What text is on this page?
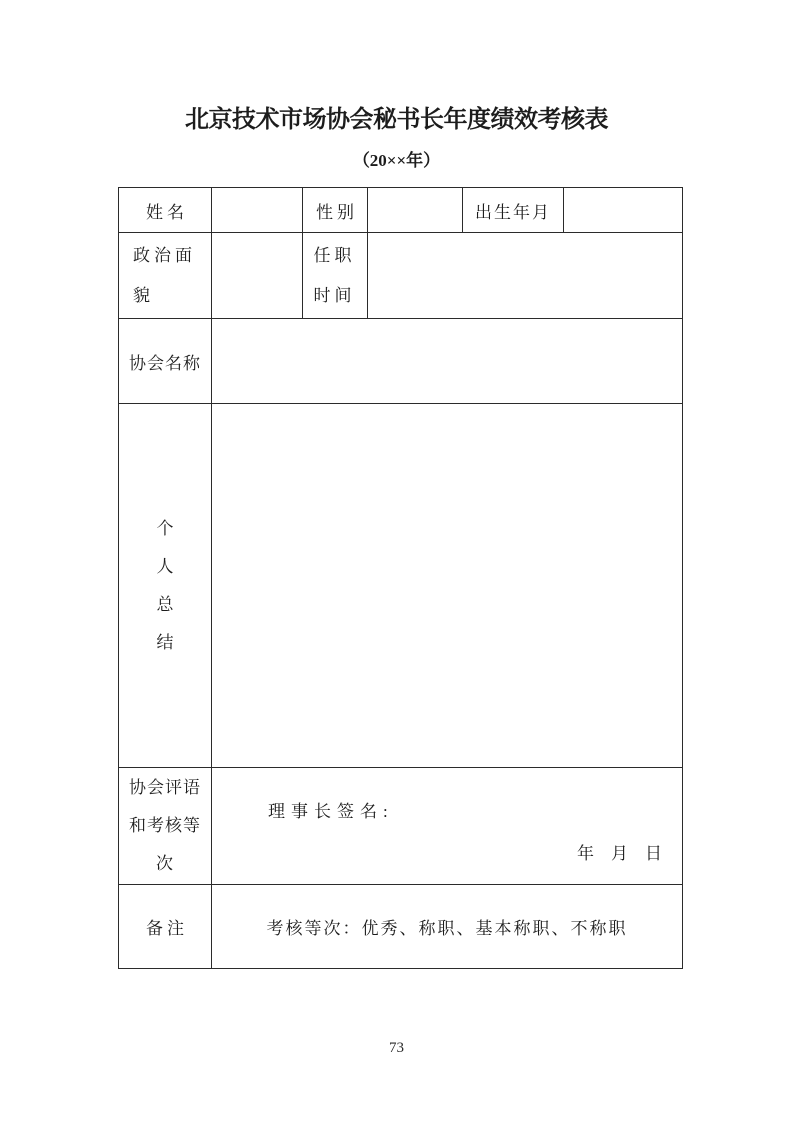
北京技术市场协会秘书长年度绩效考核表
（20××年）
姓名		性别		出生年月	
政治面貌		任职时间			
协会名称					
个人总结					
协会评语和考核等次	理事长签名:
年　月　日				

备注	考核等次：优秀、称职、基本称职、不称职				
73
